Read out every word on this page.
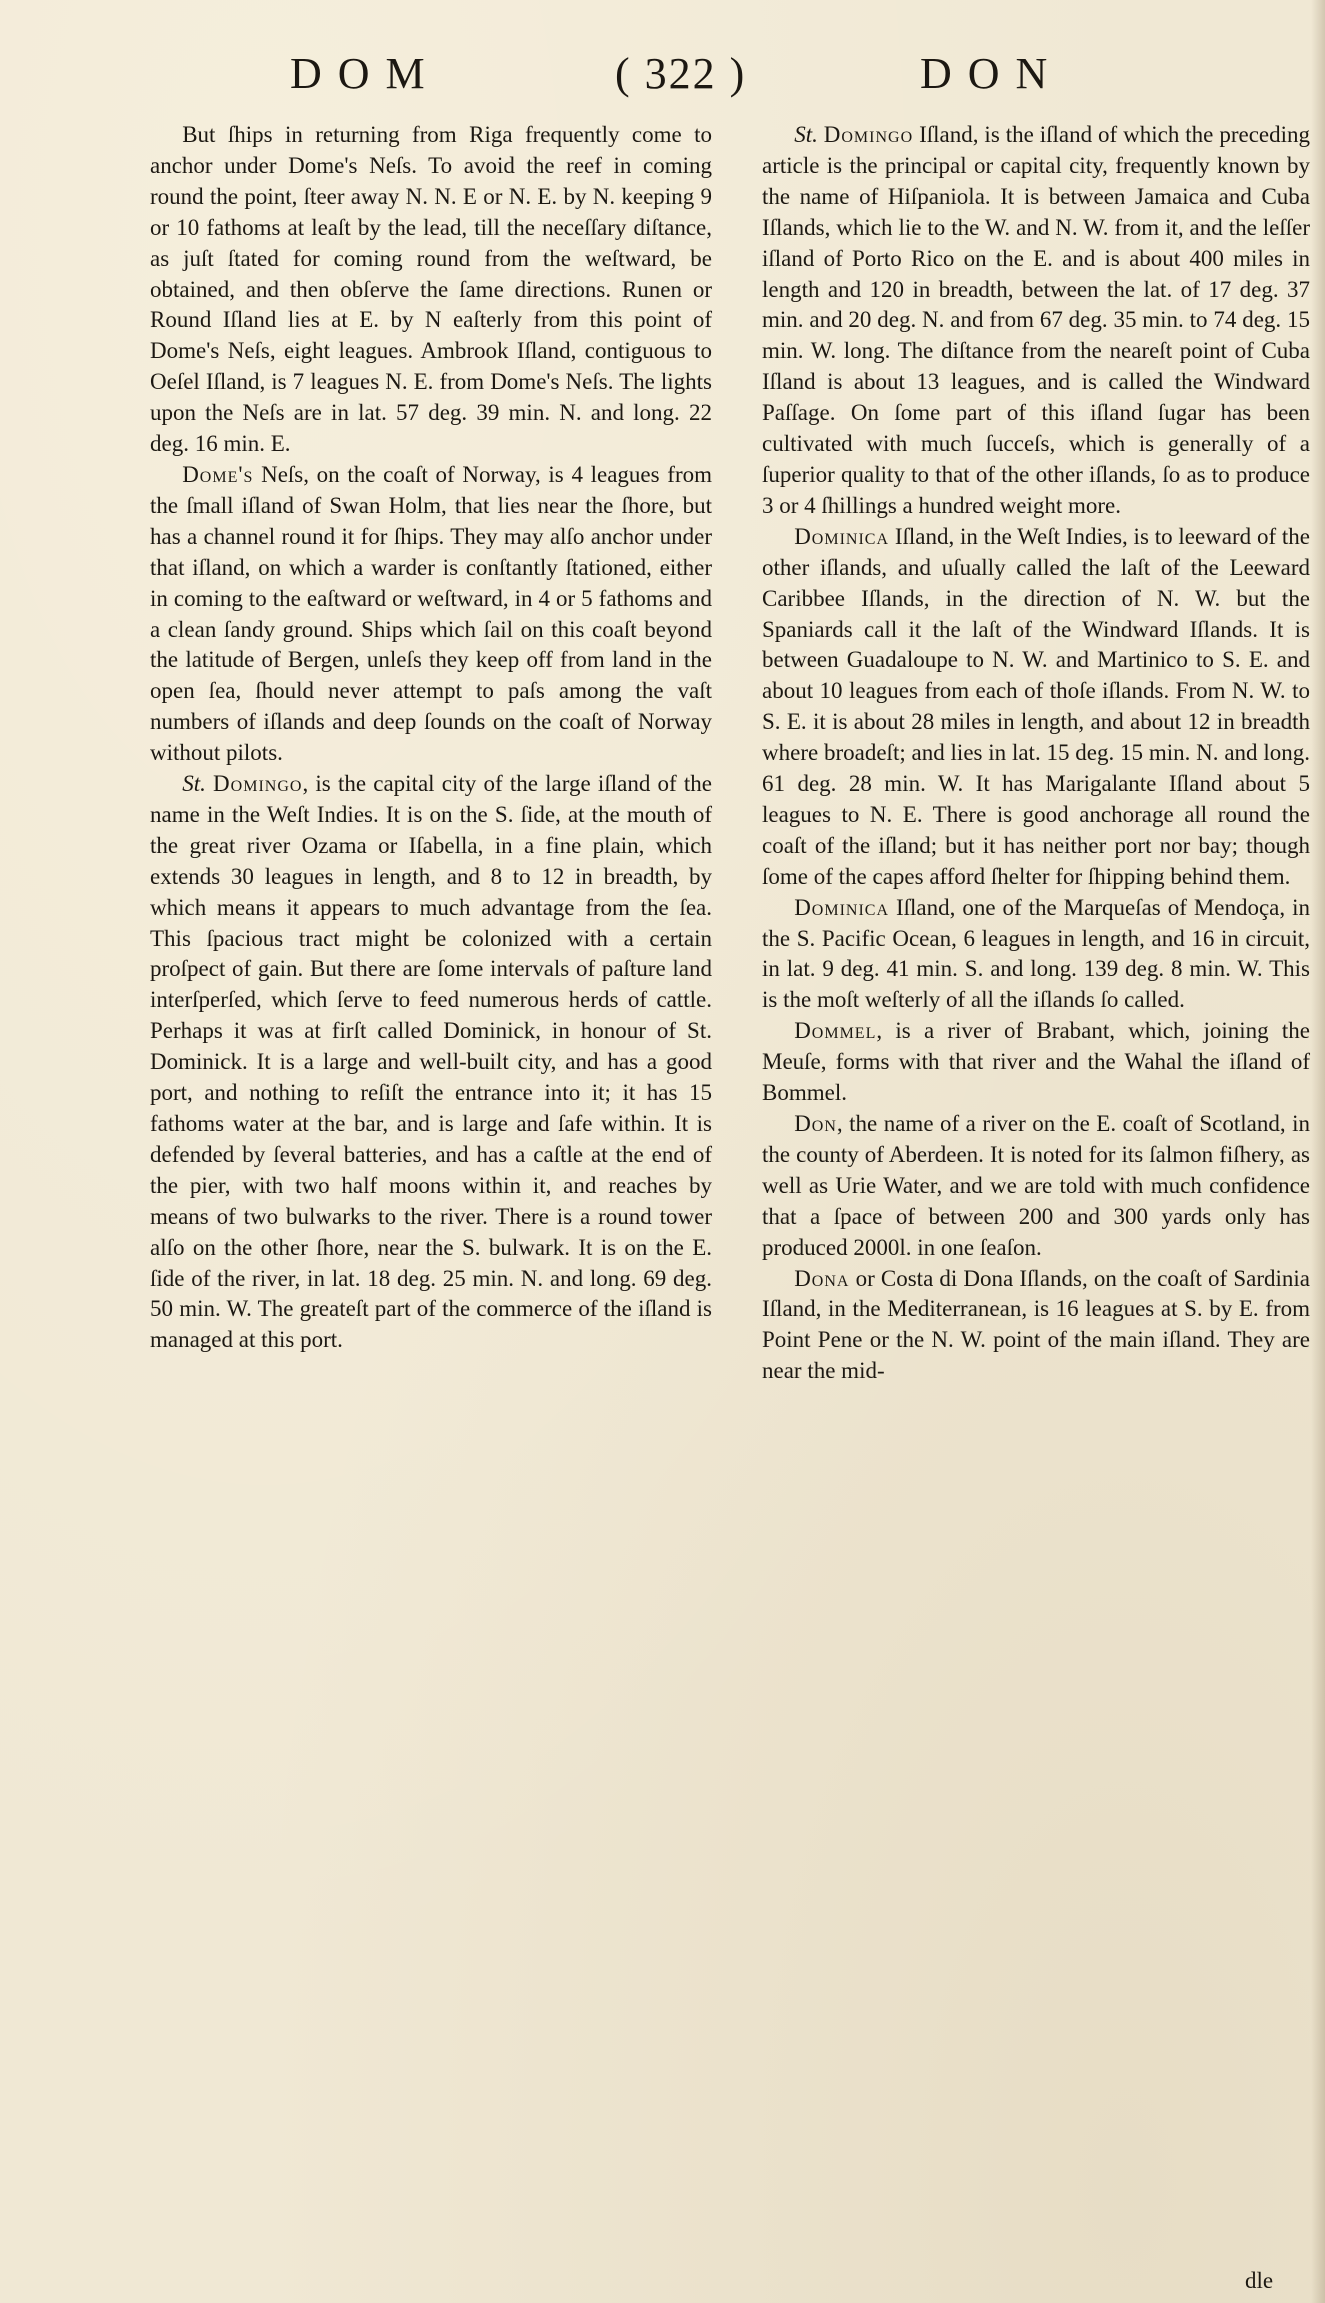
DOM	( 322 )	DON

But ſhips in returning from Riga frequently come to anchor under Dome's Neſs. To avoid the reef in coming round the point, ſteer away N. N. E or N. E. by N. keeping 9 or 10 fathoms at leaſt by the lead, till the neceſſary diſtance, as juſt ſtated for coming round from the weſtward, be obtained, and then obſerve the ſame directions. Runen or Round Iſland lies at E. by N eaſterly from this point of Dome's Neſs, eight leagues. Ambrook Iſland, contiguous to Oeſel Iſland, is 7 leagues N. E. from Dome's Neſs. The lights upon the Neſs are in lat. 57 deg. 39 min. N. and long. 22 deg. 16 min. E.

Dome's Neſs, on the coaſt of Norway, is 4 leagues from the ſmall iſland of Swan Holm, that lies near the ſhore, but has a channel round it for ſhips. They may alſo anchor under that iſland, on which a warder is conſtantly ſtationed, either in coming to the eaſtward or weſtward, in 4 or 5 fathoms and a clean ſandy ground. Ships which ſail on this coaſt beyond the latitude of Bergen, unleſs they keep off from land in the open ſea, ſhould never attempt to paſs among the vaſt numbers of iſlands and deep ſounds on the coaſt of Norway without pilots.

St. Domingo, is the capital city of the large iſland of the name in the Weſt Indies. It is on the S. ſide, at the mouth of the great river Ozama or Iſabella, in a fine plain, which extends 30 leagues in length, and 8 to 12 in breadth, by which means it appears to much advantage from the ſea. This ſpacious tract might be colonized with a certain proſpect of gain. But there are ſome intervals of paſture land interſperſed, which ſerve to feed numerous herds of cattle. Perhaps it was at firſt called Dominick, in honour of St. Dominick. It is a large and well-built city, and has a good port, and nothing to reſiſt the entrance into it; it has 15 fathoms water at the bar, and is large and ſafe within. It is defended by ſeveral batteries, and has a caſtle at the end of the pier, with two half moons within it, and reaches by means of two bulwarks to the river. There is a round tower alſo on the other ſhore, near the S. bulwark. It is on the E. ſide of the river, in lat. 18 deg. 25 min. N. and long. 69 deg. 50 min. W. The greateſt part of the commerce of the iſland is managed at this port.

St. Domingo Iſland, is the iſland of which the preceding article is the principal or capital city, frequently known by the name of Hiſpaniola. It is between Jamaica and Cuba Iſlands, which lie to the W. and N. W. from it, and the leſſer iſland of Porto Rico on the E. and is about 400 miles in length and 120 in breadth, between the lat. of 17 deg. 37 min. and 20 deg. N. and from 67 deg. 35 min. to 74 deg. 15 min. W. long. The diſtance from the neareſt point of Cuba Iſland is about 13 leagues, and is called the Windward Paſſage. On ſome part of this iſland ſugar has been cultivated with much ſucceſs, which is generally of a ſuperior quality to that of the other iſlands, ſo as to produce 3 or 4 ſhillings a hundred weight more.

Dominica Iſland, in the Weſt Indies, is to leeward of the other iſlands, and uſually called the laſt of the Leeward Caribbee Iſlands, in the direction of N. W. but the Spaniards call it the laſt of the Windward Iſlands. It is between Guadaloupe to N. W. and Martinico to S. E. and about 10 leagues from each of thoſe iſlands. From N. W. to S. E. it is about 28 miles in length, and about 12 in breadth where broadeſt; and lies in lat. 15 deg. 15 min. N. and long. 61 deg. 28 min. W. It has Marigalante Iſland about 5 leagues to N. E. There is good anchorage all round the coaſt of the iſland; but it has neither port nor bay; though ſome of the capes afford ſhelter for ſhipping behind them.

Dominica Iſland, one of the Marqueſas of Mendoça, in the S. Pacific Ocean, 6 leagues in length, and 16 in circuit, in lat. 9 deg. 41 min. S. and long. 139 deg. 8 min. W. This is the moſt weſterly of all the iſlands ſo called.

Dommel, is a river of Brabant, which, joining the Meuſe, forms with that river and the Wahal the iſland of Bommel.

Don, the name of a river on the E. coaſt of Scotland, in the county of Aberdeen. It is noted for its ſalmon fiſhery, as well as Urie Water, and we are told with much confidence that a ſpace of between 200 and 300 yards only has produced 2000l. in one ſeaſon.

Dona or Costa di Dona Iſlands, on the coaſt of Sardinia Iſland, in the Mediterranean, is 16 leagues at S. by E. from Point Pene or the N. W. point of the main iſland. They are near the mid-

dle
